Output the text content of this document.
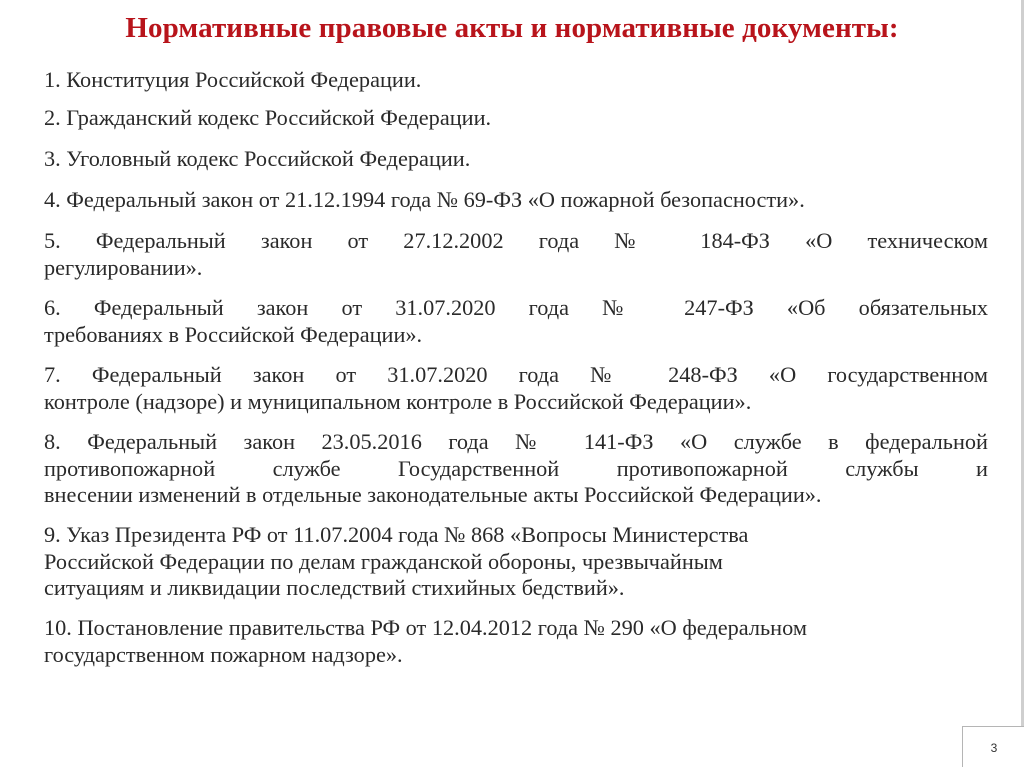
Нормативные правовые акты и нормативные документы:
1. Конституция Российской Федерации.
2. Гражданский кодекс Российской Федерации.
3. Уголовный кодекс Российской Федерации.
4. Федеральный закон от 21.12.1994 года № 69-ФЗ «О пожарной безопасности».
5. Федеральный закон от 27.12.2002 года № 184-ФЗ «О техническом
регулировании».
6. Федеральный закон от 31.07.2020 года № 247-ФЗ «Об обязательных
требованиях в Российской Федерации».
7. Федеральный закон от 31.07.2020 года № 248-ФЗ «О государственном
контроле (надзоре) и муниципальном контроле в Российской Федерации».
8. Федеральный закон 23.05.2016 года № 141-ФЗ «О службе в федеральной
противопожарной службе Государственной противопожарной службы и
внесении изменений в отдельные законодательные акты Российской Федерации».
9. Указ Президента РФ от 11.07.2004 года № 868 «Вопросы Министерства
Российской Федерации по делам гражданской обороны, чрезвычайным
ситуациям и ликвидации последствий стихийных бедствий».
10. Постановление правительства РФ от 12.04.2012 года № 290 «О федеральном
государственном пожарном надзоре».
3
